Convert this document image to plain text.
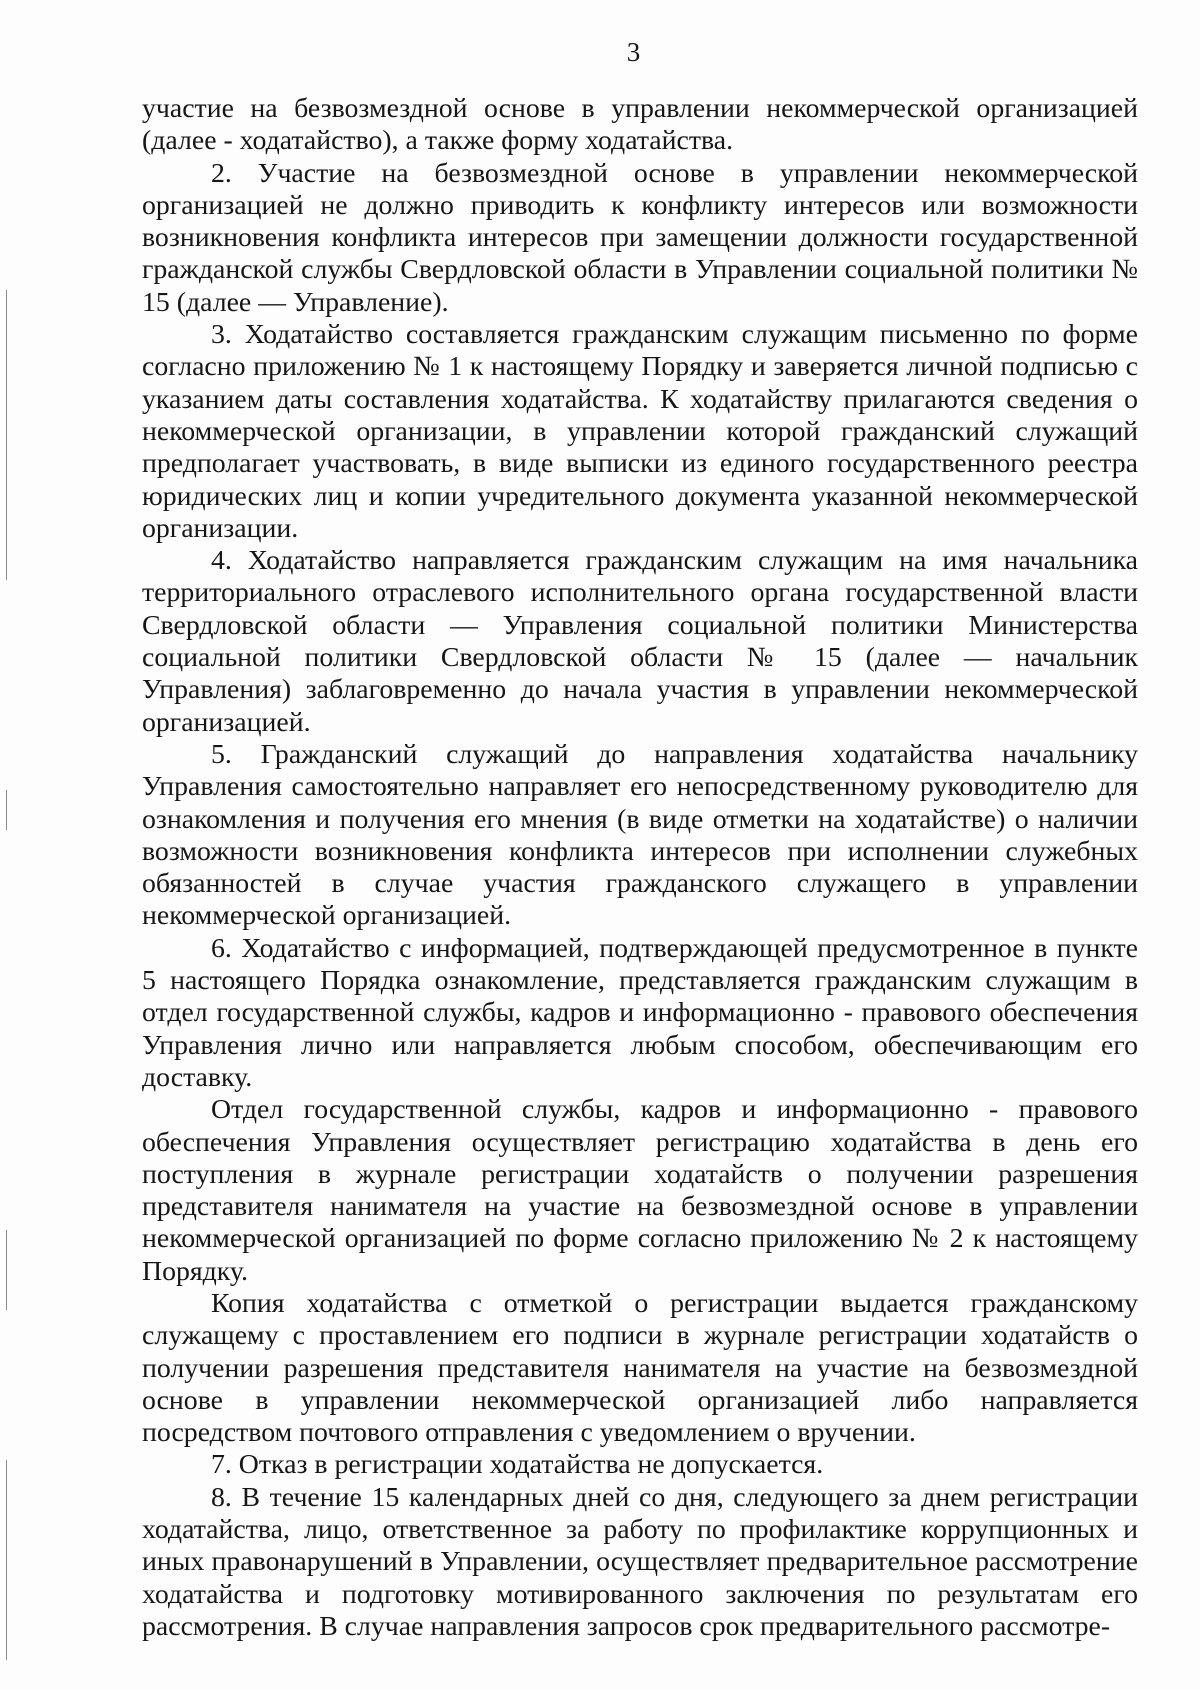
3

участие на безвозмездной основе в управлении некоммерческой организацией (далее - ходатайство), а также форму ходатайства.

2. Участие на безвозмездной основе в управлении некоммерческой организацией не должно приводить к конфликту интересов или возможности возникновения конфликта интересов при замещении должности государственной гражданской службы Свердловской области в Управлении социальной политики № 15 (далее — Управление).

3. Ходатайство составляется гражданским служащим письменно по форме согласно приложению № 1 к настоящему Порядку и заверяется личной подписью с указанием даты составления ходатайства. К ходатайству прилагаются сведения о некоммерческой организации, в управлении которой гражданский служащий предполагает участвовать, в виде выписки из единого государственного реестра юридических лиц и копии учредительного документа указанной некоммерческой организации.

4. Ходатайство направляется гражданским служащим на имя начальника территориального отраслевого исполнительного органа государственной власти Свердловской области — Управления социальной политики Министерства социальной политики Свердловской области № 15 (далее — начальник Управления) заблаговременно до начала участия в управлении некоммерческой организацией.

5. Гражданский служащий до направления ходатайства начальнику Управления самостоятельно направляет его непосредственному руководителю для ознакомления и получения его мнения (в виде отметки на ходатайстве) о наличии возможности возникновения конфликта интересов при исполнении служебных обязанностей в случае участия гражданского служащего в управлении некоммерческой организацией.

6. Ходатайство с информацией, подтверждающей предусмотренное в пункте 5 настоящего Порядка ознакомление, представляется гражданским служащим в отдел государственной службы, кадров и информационно - правового обеспечения Управления лично или направляется любым способом, обеспечивающим его доставку.

Отдел государственной службы, кадров и информационно - правового обеспечения Управления осуществляет регистрацию ходатайства в день его поступления в журнале регистрации ходатайств о получении разрешения представителя нанимателя на участие на безвозмездной основе в управлении некоммерческой организацией по форме согласно приложению № 2 к настоящему Порядку.

Копия ходатайства с отметкой о регистрации выдается гражданскому служащему с проставлением его подписи в журнале регистрации ходатайств о получении разрешения представителя нанимателя на участие на безвозмездной основе в управлении некоммерческой организацией либо направляется посредством почтового отправления с уведомлением о вручении.

7. Отказ в регистрации ходатайства не допускается.

8. В течение 15 календарных дней со дня, следующего за днем регистрации ходатайства, лицо, ответственное за работу по профилактике коррупционных и иных правонарушений в Управлении, осуществляет предварительное рассмотрение ходатайства и подготовку мотивированного заключения по результатам его рассмотрения. В случае направления запросов срок предварительного рассмотре-
